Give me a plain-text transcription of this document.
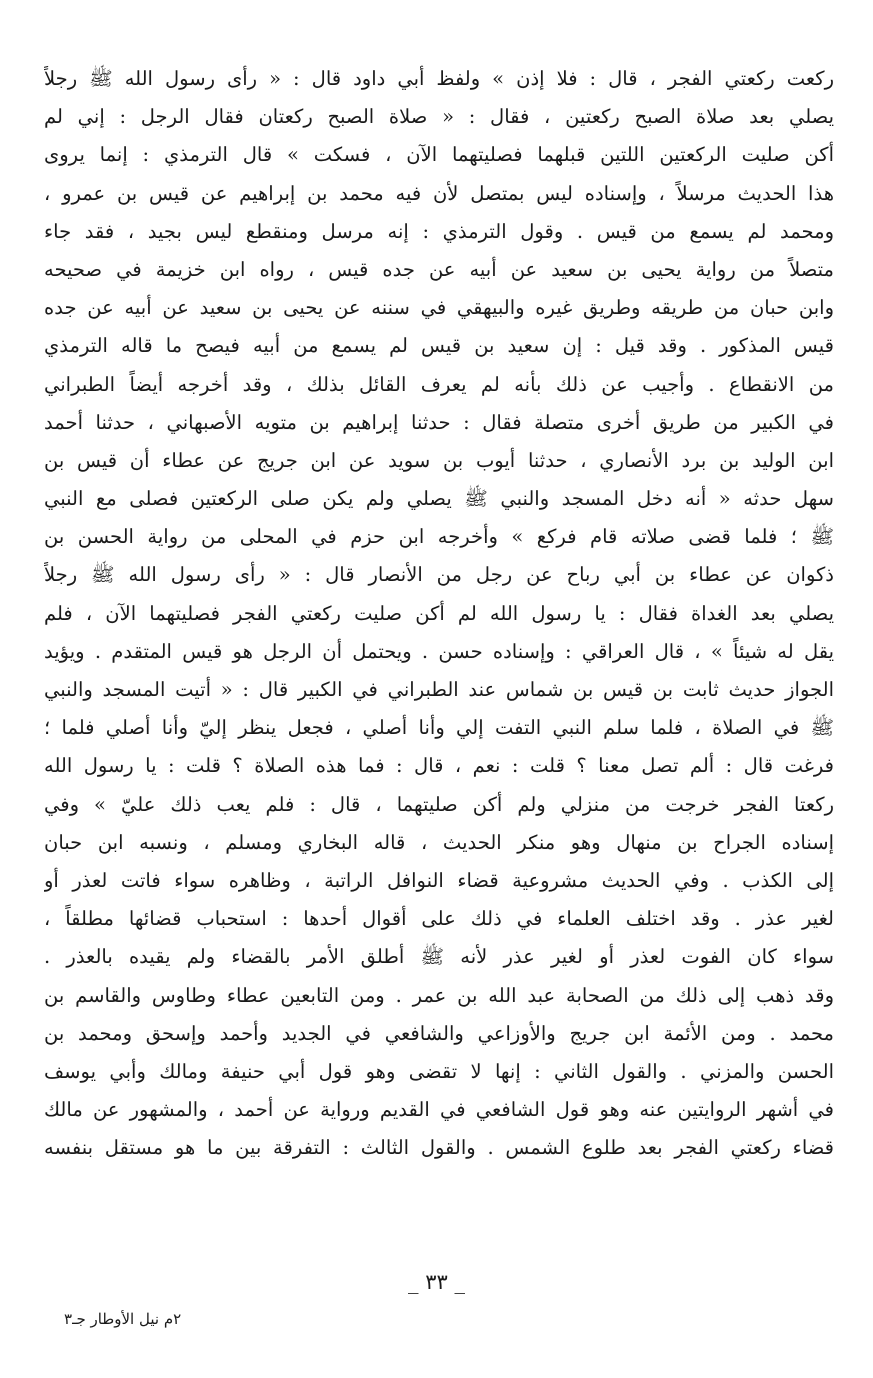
ركعت ركعتي الفجر ، قال : فلا إذن » ولفظ أبي داود قال : « رأى رسول الله ﷺ رجلاً
يصلي بعد صلاة الصبح ركعتين ، فقال : « صلاة الصبح ركعتان فقال الرجل : إني لم
أكن صليت الركعتين اللتين قبلهما فصليتهما الآن ، فسكت » قال الترمذي : إنما يروى
هذا الحديث مرسلاً ، وإسناده ليس بمتصل لأن فيه محمد بن إبراهيم عن قيس بن عمرو ،
ومحمد لم يسمع من قيس . وقول الترمذي : إنه مرسل ومنقطع ليس بجيد ، فقد جاء
متصلاً من رواية يحيى بن سعيد عن أبيه عن جده قيس ، رواه ابن خزيمة في صحيحه
وابن حبان من طريقه وطريق غيره والبيهقي في سننه عن يحيى بن سعيد عن أبيه عن جده
قيس المذكور . وقد قيل : إن سعيد بن قيس لم يسمع من أبيه فيصح ما قاله الترمذي
من الانقطاع . وأجيب عن ذلك بأنه لم يعرف القائل بذلك ، وقد أخرجه أيضاً الطبراني
في الكبير من طريق أخرى متصلة فقال : حدثنا إبراهيم بن متويه الأصبهاني ، حدثنا أحمد
ابن الوليد بن برد الأنصاري ، حدثنا أيوب بن سويد عن ابن جريج عن عطاء أن قيس بن
سهل حدثه « أنه دخل المسجد والنبي ﷺ يصلي ولم يكن صلى الركعتين فصلى مع النبي
ﷺ ؛ فلما قضى صلاته قام فركع » وأخرجه ابن حزم في المحلى من رواية الحسن بن
ذكوان عن عطاء بن أبي رباح عن رجل من الأنصار قال : « رأى رسول الله ﷺ رجلاً
يصلي بعد الغداة فقال : يا رسول الله لم أكن صليت ركعتي الفجر فصليتهما الآن ، فلم
يقل له شيئاً » ، قال العراقي : وإسناده حسن . ويحتمل أن الرجل هو قيس المتقدم . ويؤيد
الجواز حديث ثابت بن قيس بن شماس عند الطبراني في الكبير قال : « أتيت المسجد والنبي
ﷺ في الصلاة ، فلما سلم النبي التفت إلي وأنا أصلي ، فجعل ينظر إليّ وأنا أصلي فلما ؛
فرغت قال : ألم تصل معنا ؟ قلت : نعم ، قال : فما هذه الصلاة ؟ قلت : يا رسول الله
ركعتا الفجر خرجت من منزلي ولم أكن صليتهما ، قال : فلم يعب ذلك عليّ » وفي
إسناده الجراح بن منهال وهو منكر الحديث ، قاله البخاري ومسلم ، ونسبه ابن حبان
إلى الكذب . وفي الحديث مشروعية قضاء النوافل الراتبة ، وظاهره سواء فاتت لعذر أو
لغير عذر . وقد اختلف العلماء في ذلك على أقوال أحدها : استحباب قضائها مطلقاً ،
سواء كان الفوت لعذر أو لغير عذر لأنه ﷺ أطلق الأمر بالقضاء ولم يقيده بالعذر .
وقد ذهب إلى ذلك من الصحابة عبد الله بن عمر . ومن التابعين عطاء وطاوس والقاسم بن
محمد . ومن الأئمة ابن جريج والأوزاعي والشافعي في الجديد وأحمد وإسحق ومحمد بن
الحسن والمزني . والقول الثاني : إنها لا تقضى وهو قول أبي حنيفة ومالك وأبي يوسف
في أشهر الروايتين عنه وهو قول الشافعي في القديم ورواية عن أحمد ، والمشهور عن مالك
قضاء ركعتي الفجر بعد طلوع الشمس . والقول الثالث : التفرقة بين ما هو مستقل بنفسه
_ ٣٣ _
٢م نيل الأوطار جـ٣
